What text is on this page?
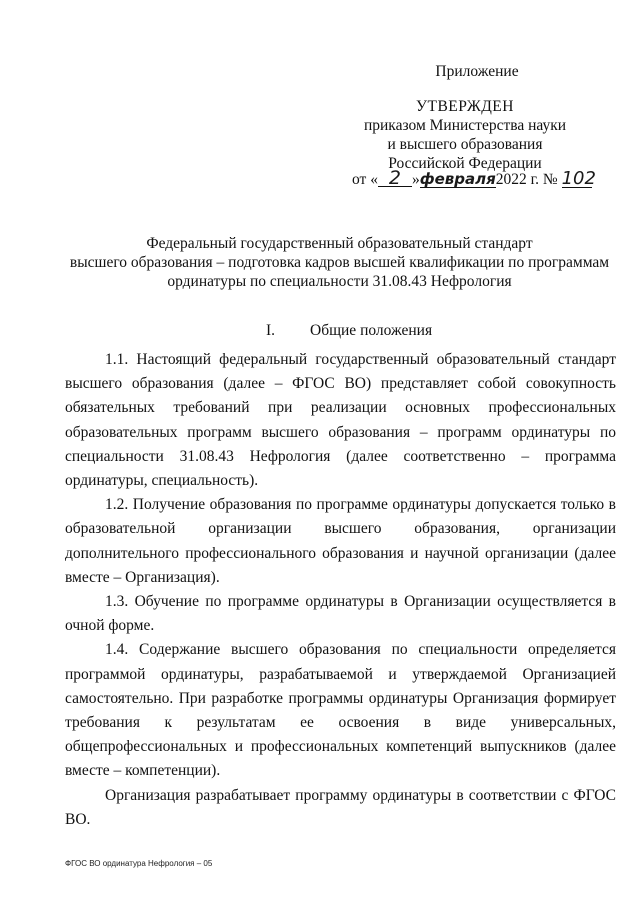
Приложение
УТВЕРЖДЕН
приказом Министерства науки
и высшего образования
Российской Федерации
от « 2 »февраля2022 г. № 102
Федеральный государственный образовательный стандарт
высшего образования – подготовка кадров высшей квалификации по программам
ординатуры по специальности 31.08.43 Нефрология
I. Общие положения

1.1. Настоящий федеральный государственный образовательный стандарт высшего образования (далее – ФГОС ВО) представляет собой совокупность обязательных требований при реализации основных профессиональных образовательных программ высшего образования – программ ординатуры по специальности 31.08.43 Нефрология (далее соответственно – программа ординатуры, специальность).

1.2. Получение образования по программе ординатуры допускается только в образовательной организации высшего образования, организации дополнительного профессионального образования и научной организации (далее вместе – Организация).

1.3. Обучение по программе ординатуры в Организации осуществляется в очной форме.

1.4. Содержание высшего образования по специальности определяется программой ординатуры, разрабатываемой и утверждаемой Организацией самостоятельно. При разработке программы ординатуры Организация формирует требования к результатам ее освоения в виде универсальных, общепрофессиональных и профессиональных компетенций выпускников (далее вместе – компетенции).

Организация разрабатывает программу ординатуры в соответствии с ФГОС ВО.

ФГОС ВО ординатура Нефрология – 05
